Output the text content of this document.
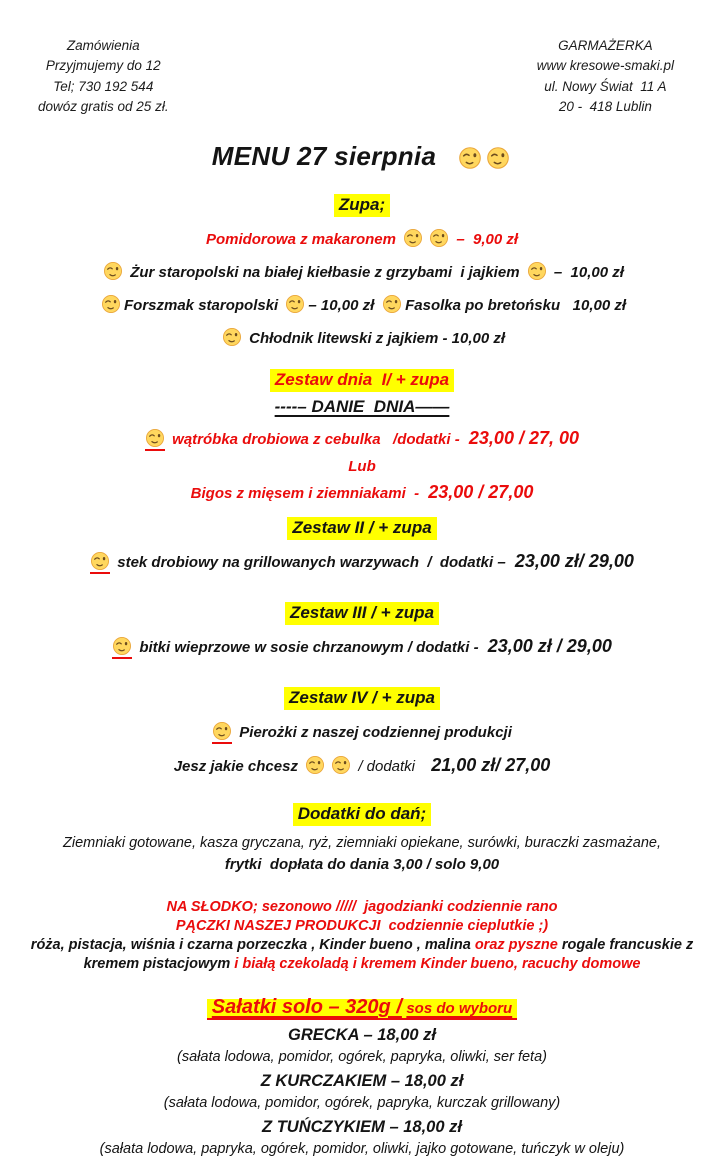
Zamówienia
Przyjmujemy do 12
Tel; 730 192 544
dowóz gratis od 25 zł.
GARMAŻERKA
www kresowe-smaki.pl
ul. Nowy Świat  11 A
20 -  418 Lublin
MENU 27 sierpnia
Zupa;
Pomidorowa z makaronem	–  9,00 zł
Żur staropolski na białej kiełbasie z grzybami  i jajkiem –  10,00 zł
Forszmak staropolski – 10,00 zł	Fasolka po bretońsku   10,00 zł
Chłodnik litewski z jajkiem - 10,00 zł
Zestaw dnia  I/ + zupa
----– DANIE  DNIA——
wątróbka drobiowa z cebulka   /dodatki - 23,00 / 27, 00
Lub
Bigos z mięsem i ziemniakami  - 23,00 / 27,00
Zestaw II / + zupa
stek drobiowy na grillowanych warzywach  /  dodatki – 23,00 zł/ 29,00
Zestaw III / + zupa
bitki wieprzowe w sosie chrzanowym / dodatki - 23,00 zł / 29,00
Zestaw IV / + zupa
Pierożki z naszej codziennej produkcji
Jesz jakie chcesz	/ dodatki 21,00 zł/ 27,00
Dodatki do dań;
Ziemniaki gotowane, kasza gryczana, ryż, ziemniaki opiekane, surówki, buraczki zasmażane,
frytki  dopłata do dania 3,00 / solo 9,00
NA SŁODKO; sezonowo /////  jagodzianki codziennie rano
PĄCZKI NASZEJ PRODUKCJI  codziennie cieplutkie ;)

róża, pistacja, wiśnia i czarna porzeczka , Kinder bueno , malina oraz pyszne rogale francuskie z kremem pistacjowym i białą czekoladą i kremem Kinder bueno, racuchy domowe

Sałatki solo – 320g / sos do wyboru
GRECKA – 18,00 zł
(sałata lodowa, pomidor, ogórek, papryka, oliwki, ser feta)
Z KURCZAKIEM – 18,00 zł
(sałata lodowa, pomidor, ogórek, papryka, kurczak grillowany)
Z TUŃCZYKIEM – 18,00 zł
(sałata lodowa, papryka, ogórek, pomidor, oliwki, jajko gotowane, tuńczyk w oleju)
